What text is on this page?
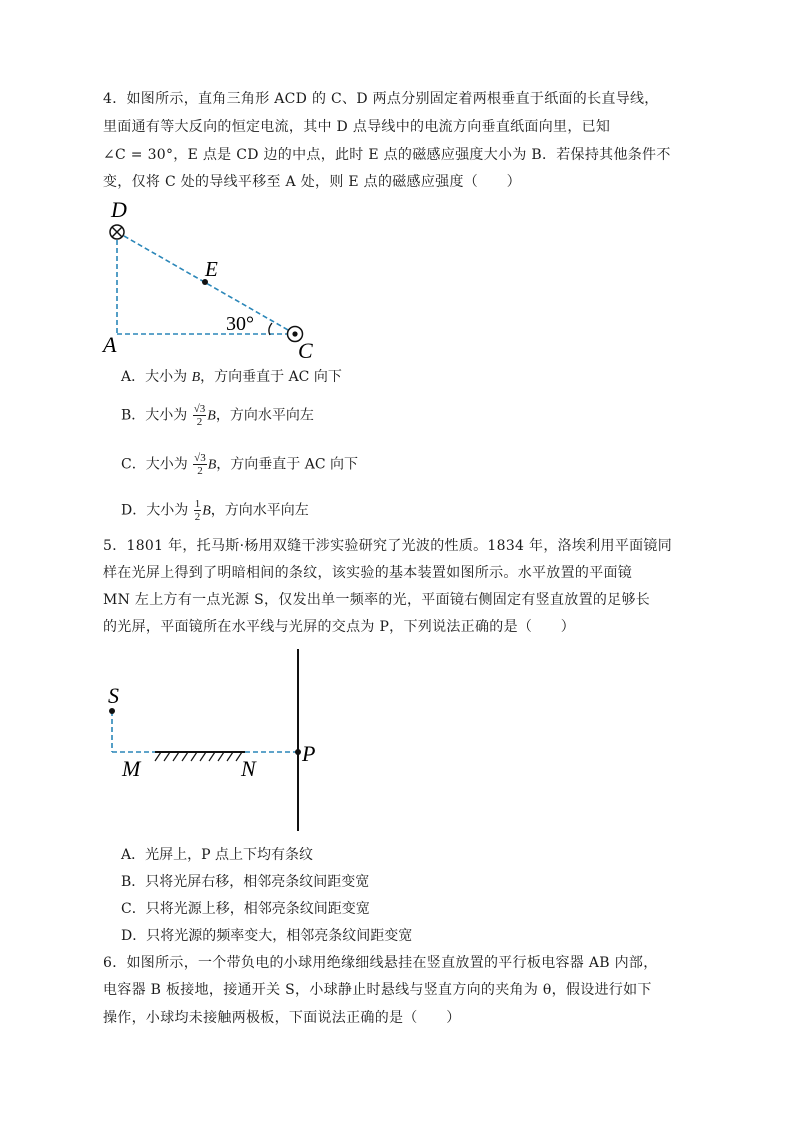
4．如图所示，直角三角形 ACD 的 C、D 两点分别固定着两根垂直于纸面的长直导线，
里面通有等大反向的恒定电流，其中 D 点导线中的电流方向垂直纸面向里，已知
∠C = 30°，E 点是 CD 边的中点，此时 E 点的磁感应强度大小为 B．若保持其他条件不
变，仅将 C 处的导线平移至 A 处，则 E 点的磁感应强度（　　）
D
E
A	C
30°
A．大小为 B，方向垂直于 AC 向下
B．大小为 $\frac{√3}{2}$ B，方向水平向左
C．大小为 $\frac{√3}{2}$ B，方向垂直于 AC 向下
D．大小为 $\frac{1}{2}$ B，方向水平向左
5．1801 年，托马斯·杨用双缝干涉实验研究了光波的性质。1834 年，洛埃利用平面镜同
样在光屏上得到了明暗相间的条纹，该实验的基本装置如图所示。水平放置的平面镜
MN 左上方有一点光源 S，仅发出单一频率的光，平面镜右侧固定有竖直放置的足够长
的光屏，平面镜所在水平线与光屏的交点为 P，下列说法正确的是（　　）
S
M	N
P
A．光屏上，P 点上下均有条纹
B．只将光屏右移，相邻亮条纹间距变宽
C．只将光源上移，相邻亮条纹间距变宽
D．只将光源的频率变大，相邻亮条纹间距变宽
6．如图所示，一个带负电的小球用绝缘细线悬挂在竖直放置的平行板电容器 AB 内部，
电容器 B 板接地，接通开关 S，小球静止时悬线与竖直方向的夹角为 θ，假设进行如下
操作，小球均未接触两极板，下面说法正确的是（　　）
